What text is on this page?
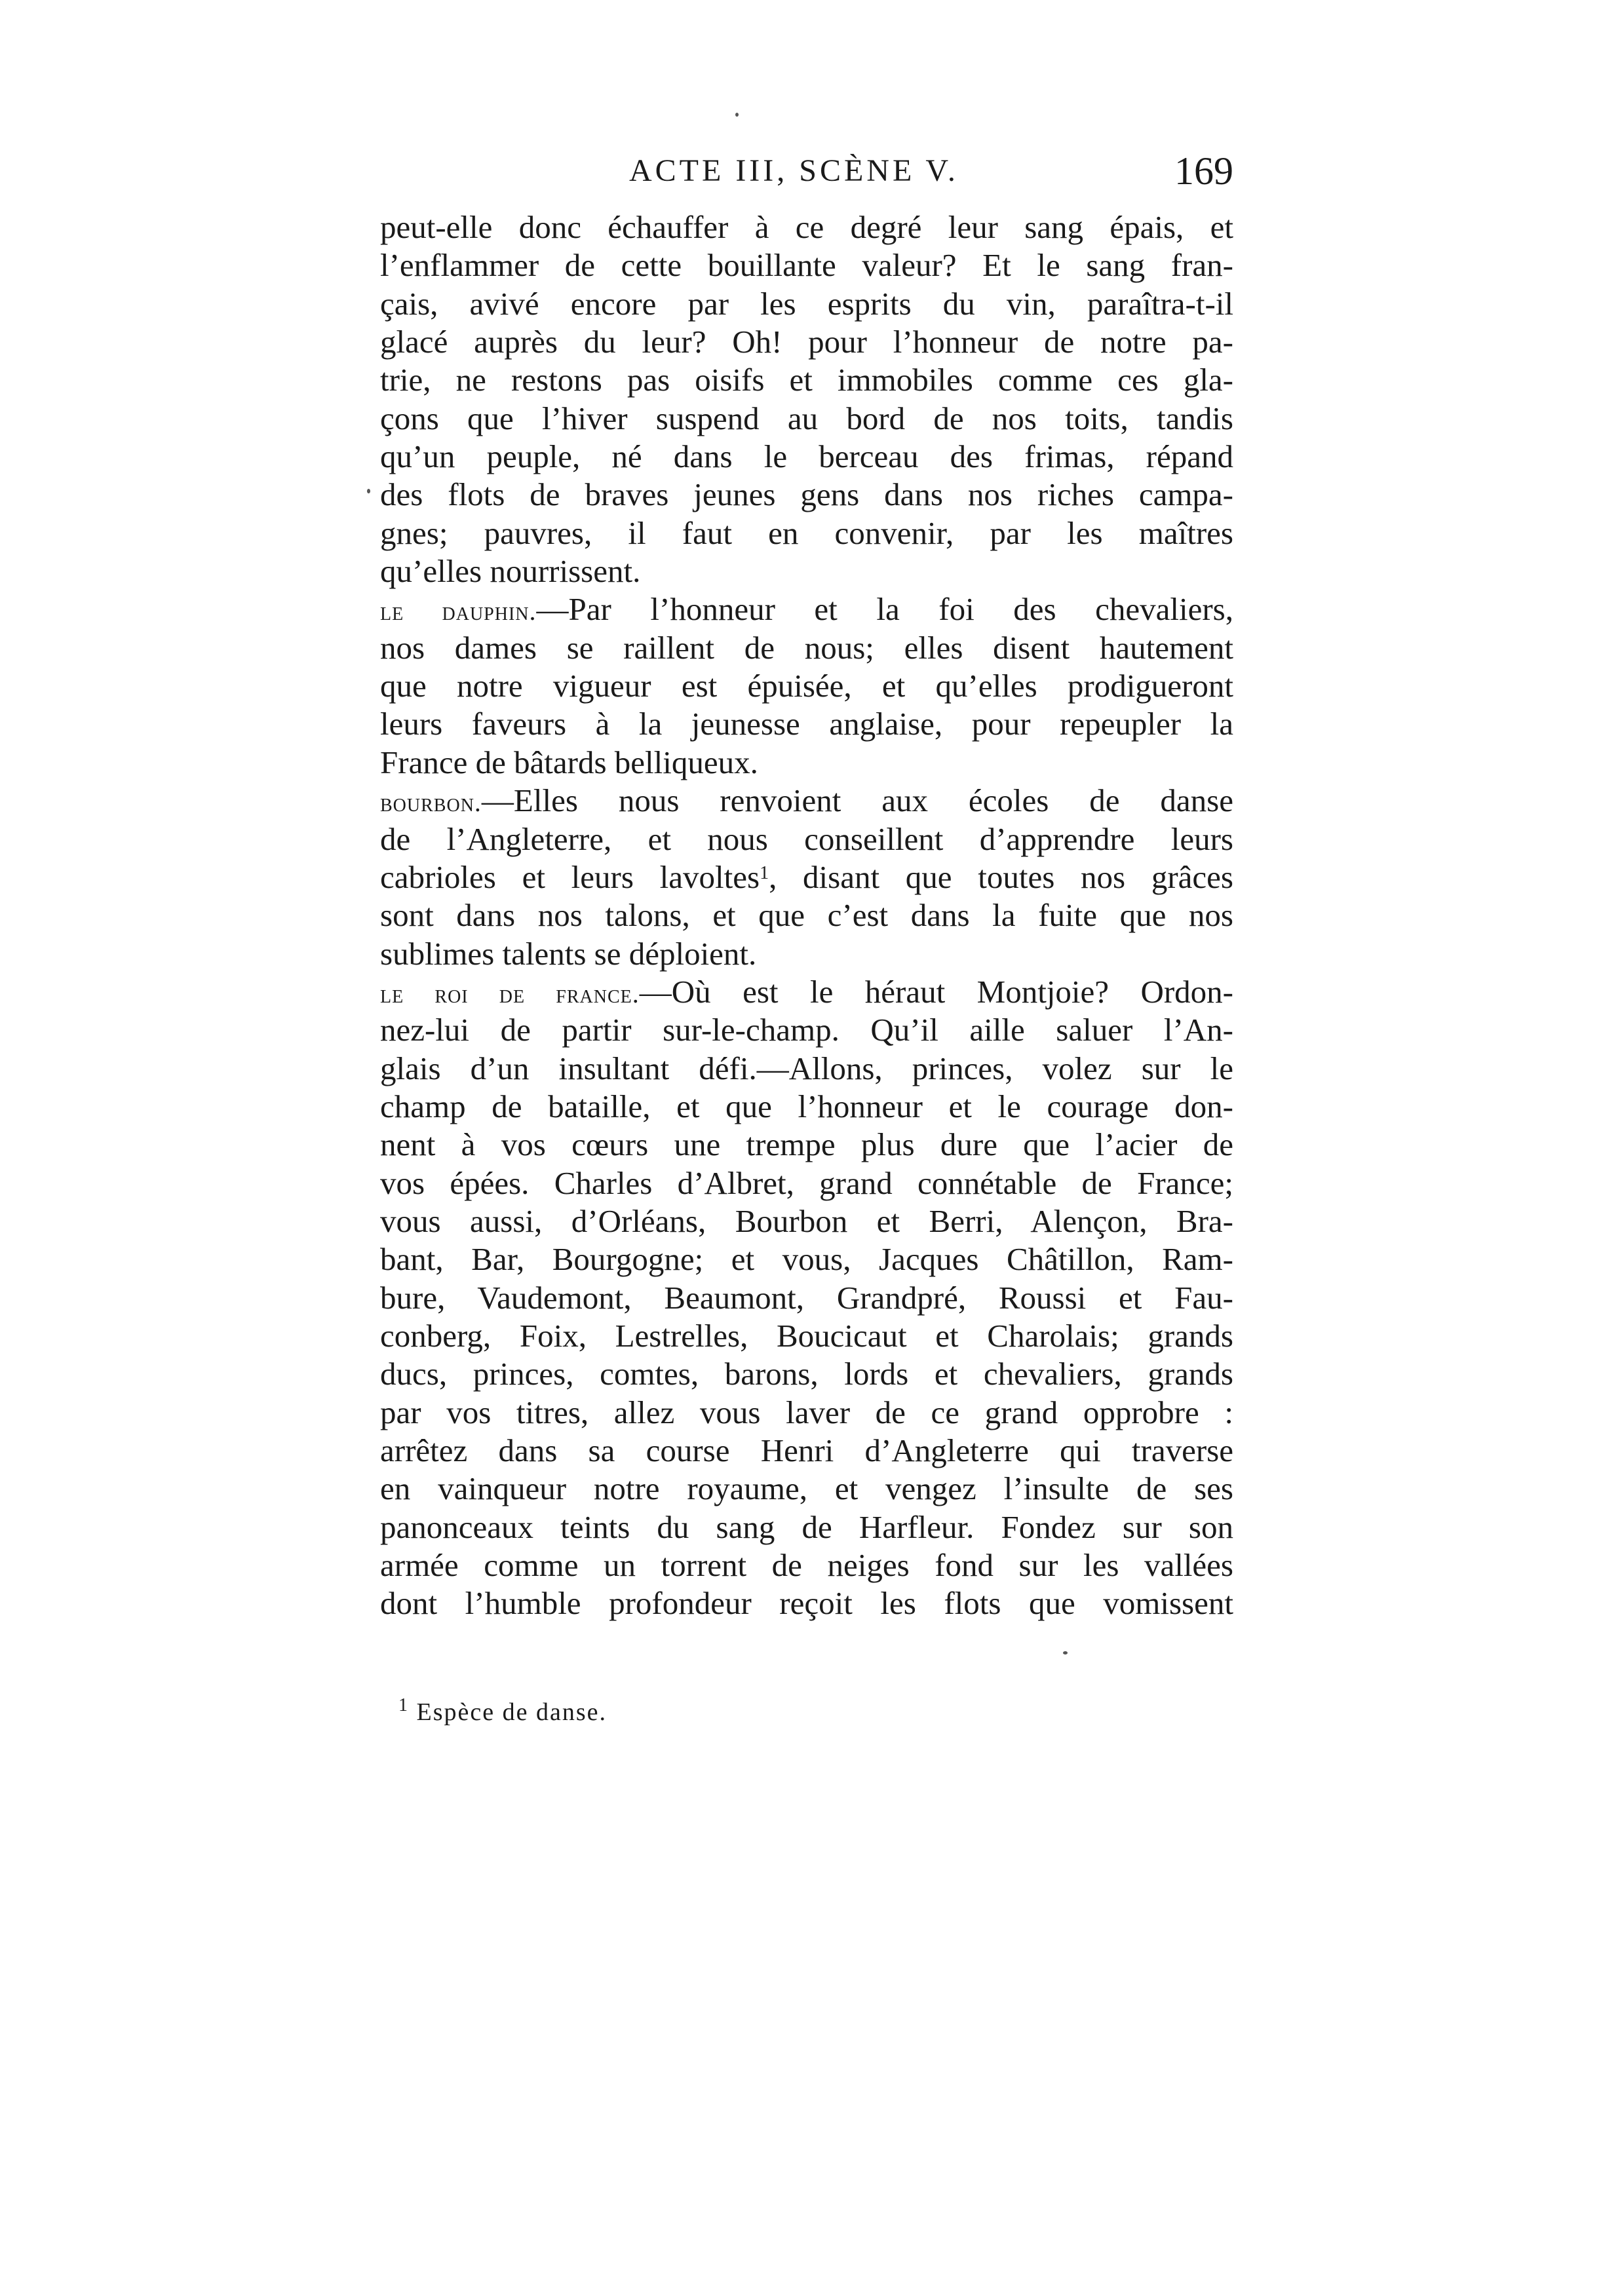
ACTE III, SCÈNE V.	169
peut-elle donc échauffer à ce degré leur sang épais, et
l’enflammer de cette bouillante valeur? Et le sang fran-
çais, avivé encore par les esprits du vin, paraîtra-t-il
glacé auprès du leur? Oh! pour l’honneur de notre pa-
trie, ne restons pas oisifs et immobiles comme ces gla-
çons que l’hiver suspend au bord de nos toits, tandis
qu’un peuple, né dans le berceau des frimas, répand
des flots de braves jeunes gens dans nos riches campa-
gnes; pauvres, il faut en convenir, par les maîtres
qu’elles nourrissent.
le dauphin.—Par l’honneur et la foi des chevaliers,
nos dames se raillent de nous; elles disent hautement
que notre vigueur est épuisée, et qu’elles prodigueront
leurs faveurs à la jeunesse anglaise, pour repeupler la
France de bâtards belliqueux.
bourbon.—Elles nous renvoient aux écoles de danse
de l’Angleterre, et nous conseillent d’apprendre leurs
cabrioles et leurs lavoltes$^1$, disant que toutes nos grâces
sont dans nos talons, et que c’est dans la fuite que nos
sublimes talents se déploient.
le roi de france.—Où est le héraut Montjoie? Ordon-
nez-lui de partir sur-le-champ. Qu’il aille saluer l’An-
glais d’un insultant défi.—Allons, princes, volez sur le
champ de bataille, et que l’honneur et le courage don-
nent à vos cœurs une trempe plus dure que l’acier de
vos épées. Charles d’Albret, grand connétable de France;
vous aussi, d’Orléans, Bourbon et Berri, Alençon, Bra-
bant, Bar, Bourgogne; et vous, Jacques Châtillon, Ram-
bure, Vaudemont, Beaumont, Grandpré, Roussi et Fau-
conberg, Foix, Lestrelles, Boucicaut et Charolais; grands
ducs, princes, comtes, barons, lords et chevaliers, grands
par vos titres, allez vous laver de ce grand opprobre :
arrêtez dans sa course Henri d’Angleterre qui traverse
en vainqueur notre royaume, et vengez l’insulte de ses
panonceaux teints du sang de Harfleur. Fondez sur son
armée comme un torrent de neiges fond sur les vallées
dont l’humble profondeur reçoit les flots que vomissent
$^1$ Espèce de danse.
